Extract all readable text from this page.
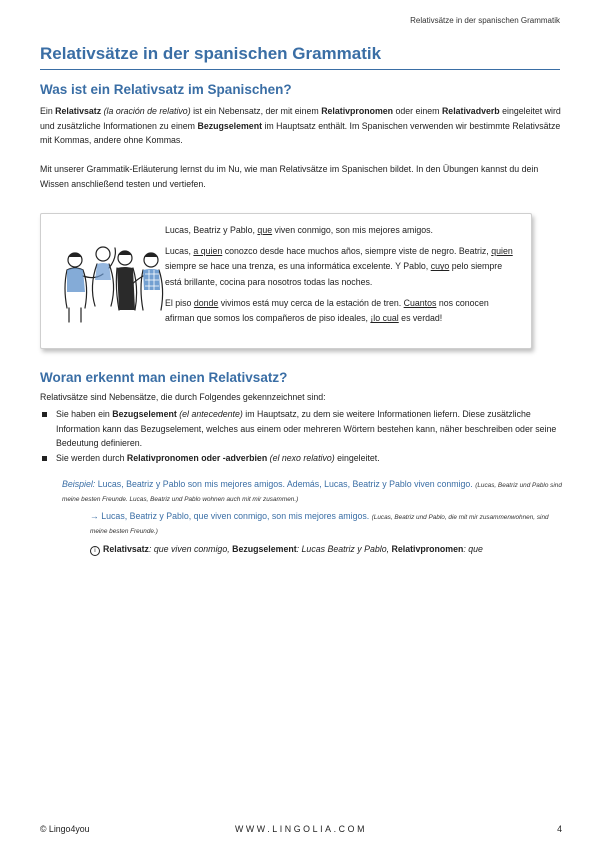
Relativsätze in der spanischen Grammatik
Relativsätze in der spanischen Grammatik
Was ist ein Relativsatz im Spanischen?

Ein Relativsatz (la oración de relativo) ist ein Nebensatz, der mit einem Relativpronomen oder einem Relativadverb eingeleitet wird und zusätzliche Informationen zu einem Bezugselement im Hauptsatz enthält. Im Spanischen verwenden wir bestimmte Relativsätze mit Kommas, andere ohne Kommas.

Mit unserer Grammatik-Erläuterung lernst du im Nu, wie man Relativsätze im Spanischen bildet. In den Übungen kannst du dein Wissen anschließend testen und vertiefen.

Lucas, Beatriz y Pablo, que viven conmigo, son mis mejores amigos.

Lucas, a quien conozco desde hace muchos años, siempre viste de negro. Beatriz, quien siempre se hace una trenza, es una informática excelente. Y Pablo, cuyo pelo siempre está brillante, cocina para nosotros todas las noches.

El piso donde vivimos está muy cerca de la estación de tren. Cuantos nos conocen afirman que somos los compañeros de piso ideales, ¡lo cual es verdad!

Woran erkennt man einen Relativsatz?

Relativsätze sind Nebensätze, die durch Folgendes gekennzeichnet sind:

Sie haben ein Bezugselement (el antecedente) im Hauptsatz, zu dem sie weitere Informationen liefern. Diese zusätzliche Information kann das Bezugselement, welches aus einem oder mehreren Wörtern bestehen kann, näher beschreiben oder seine Bedeutung definieren.
Sie werden durch Relativpronomen oder -adverbien (el nexo relativo) eingeleitet.
Beispiel: Lucas, Beatriz y Pablo son mis mejores amigos. Además, Lucas, Beatriz y Pablo viven conmigo. (Lucas, Beatriz und Pablo sind meine besten Freunde. Lucas, Beatriz und Pablo wohnen auch mit mir zusammen.)
→ Lucas, Beatriz y Pablo, que viven conmigo, son mis mejores amigos. (Lucas, Beatriz und Pablo, die mit mir zusammenwohnen, sind meine besten Freunde.)
i Relativsatz: que viven conmigo, Bezugselement: Lucas Beatriz y Pablo, Relativpronomen: que
© Lingo4you	WWW.LINGOLIA.COM	4
